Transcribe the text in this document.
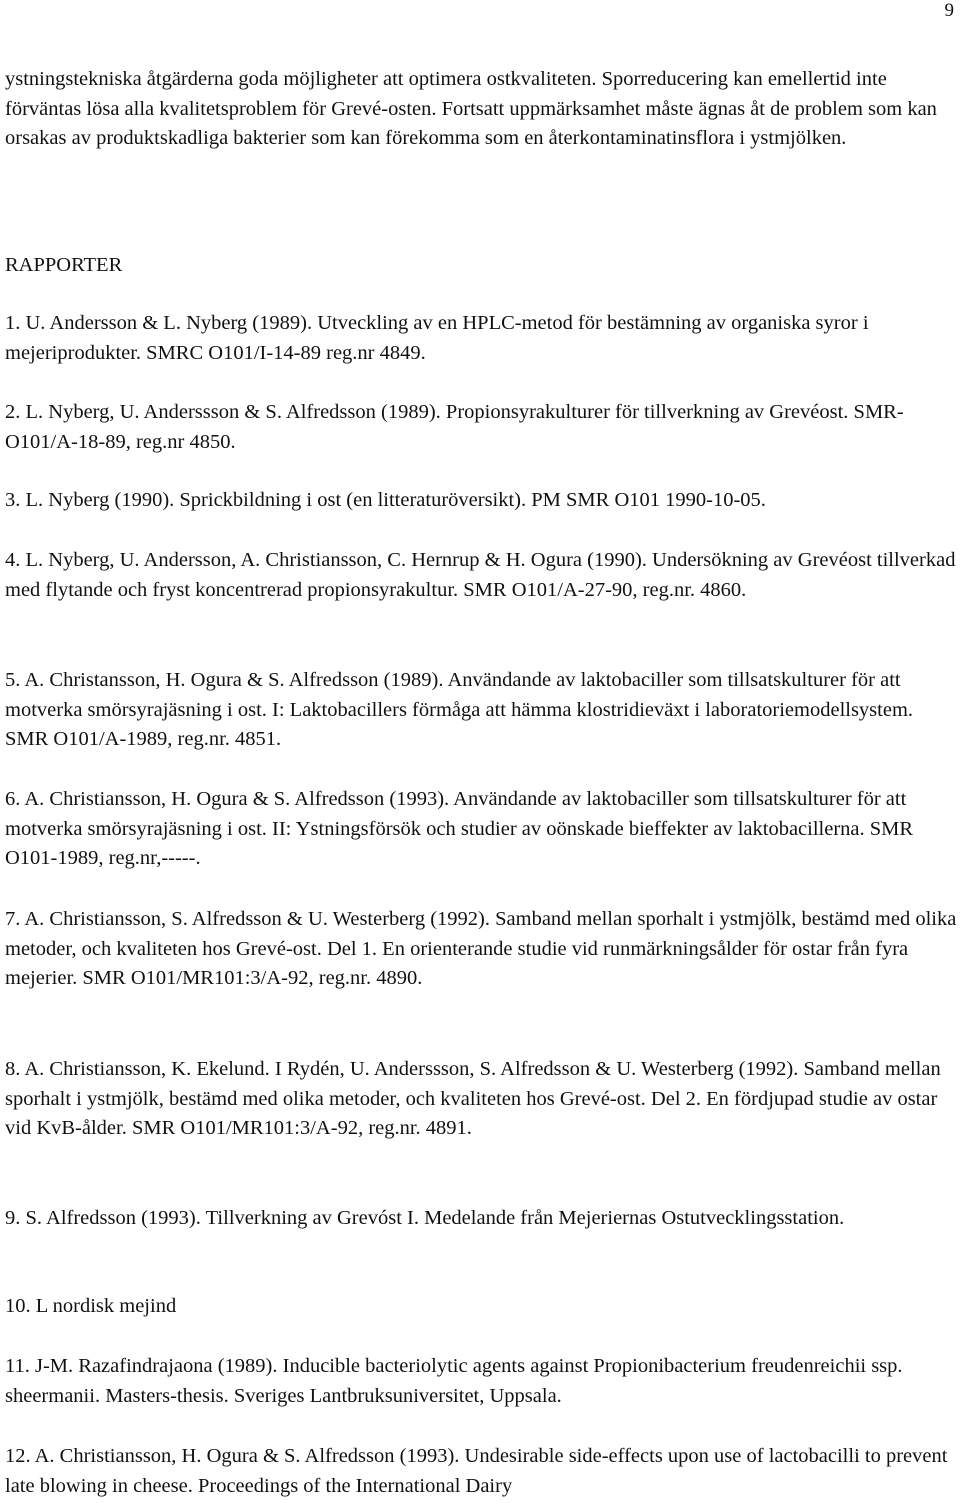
9

ystningstekniska åtgärderna goda möjligheter att optimera ostkvaliteten. Sporreducering kan emellertid inte förväntas lösa alla kvalitetsproblem för Grevé-osten. Fortsatt uppmärksamhet måste ägnas åt de problem som kan orsakas av produktskadliga bakterier som kan förekomma som en återkontaminatinsflora i ystmjölken.

RAPPORTER

1. U. Andersson & L. Nyberg (1989). Utveckling av en HPLC-metod för bestämning av organiska syror i mejeriprodukter. SMRC O101/I-14-89 reg.nr 4849.

2. L. Nyberg, U. Anderssson & S. Alfredsson (1989). Propionsyrakulturer för tillverkning av Grevéost. SMR- O101/A-18-89, reg.nr 4850.

3. L. Nyberg (1990). Sprickbildning i ost (en litteraturöversikt). PM SMR O101 1990-10-05.

4. L. Nyberg, U. Andersson, A. Christiansson, C. Hernrup & H. Ogura (1990). Undersökning av Grevéost tillverkad med flytande och fryst koncentrerad propionsyrakultur. SMR O101/A-27-90, reg.nr. 4860.

5. A. Christansson, H. Ogura & S. Alfredsson (1989). Användande av laktobaciller som tillsatskulturer för att motverka smörsyrajäsning i ost. I: Laktobacillers förmåga att hämma klostridieväxt i laboratoriemodellsystem. SMR O101/A-1989, reg.nr. 4851.

6. A. Christiansson, H. Ogura & S. Alfredsson (1993). Användande av laktobaciller som tillsatskulturer för att motverka smörsyrajäsning i ost. II: Ystningsförsök och studier av oönskade bieffekter av laktobacillerna. SMR O101-1989, reg.nr,-----.

7. A. Christiansson, S. Alfredsson & U. Westerberg (1992). Samband mellan sporhalt i ystmjölk, bestämd med olika metoder, och kvaliteten hos Grevé-ost. Del 1. En orienterande studie vid runmärkningsålder för ostar från fyra mejerier. SMR O101/MR101:3/A-92, reg.nr. 4890.

8. A. Christiansson, K. Ekelund. I Rydén, U. Anderssson, S. Alfredsson & U. Westerberg (1992). Samband mellan sporhalt i ystmjölk, bestämd med olika metoder, och kvaliteten hos Grevé-ost. Del 2. En fördjupad studie av ostar vid KvB-ålder. SMR O101/MR101:3/A-92, reg.nr. 4891.

9. S. Alfredsson (1993). Tillverkning av Grevóst I. Medelande från Mejeriernas Ostutvecklingsstation.

10. L nordisk mejind

11. J-M. Razafindrajaona (1989). Inducible bacteriolytic agents against Propionibacterium freudenreichii ssp. sheermanii. Masters-thesis. Sveriges Lantbruksuniversitet, Uppsala.

12. A. Christiansson, H. Ogura & S. Alfredsson (1993). Undesirable side-effects upon use of lactobacilli to prevent late blowing in cheese. Proceedings of the International Dairy
